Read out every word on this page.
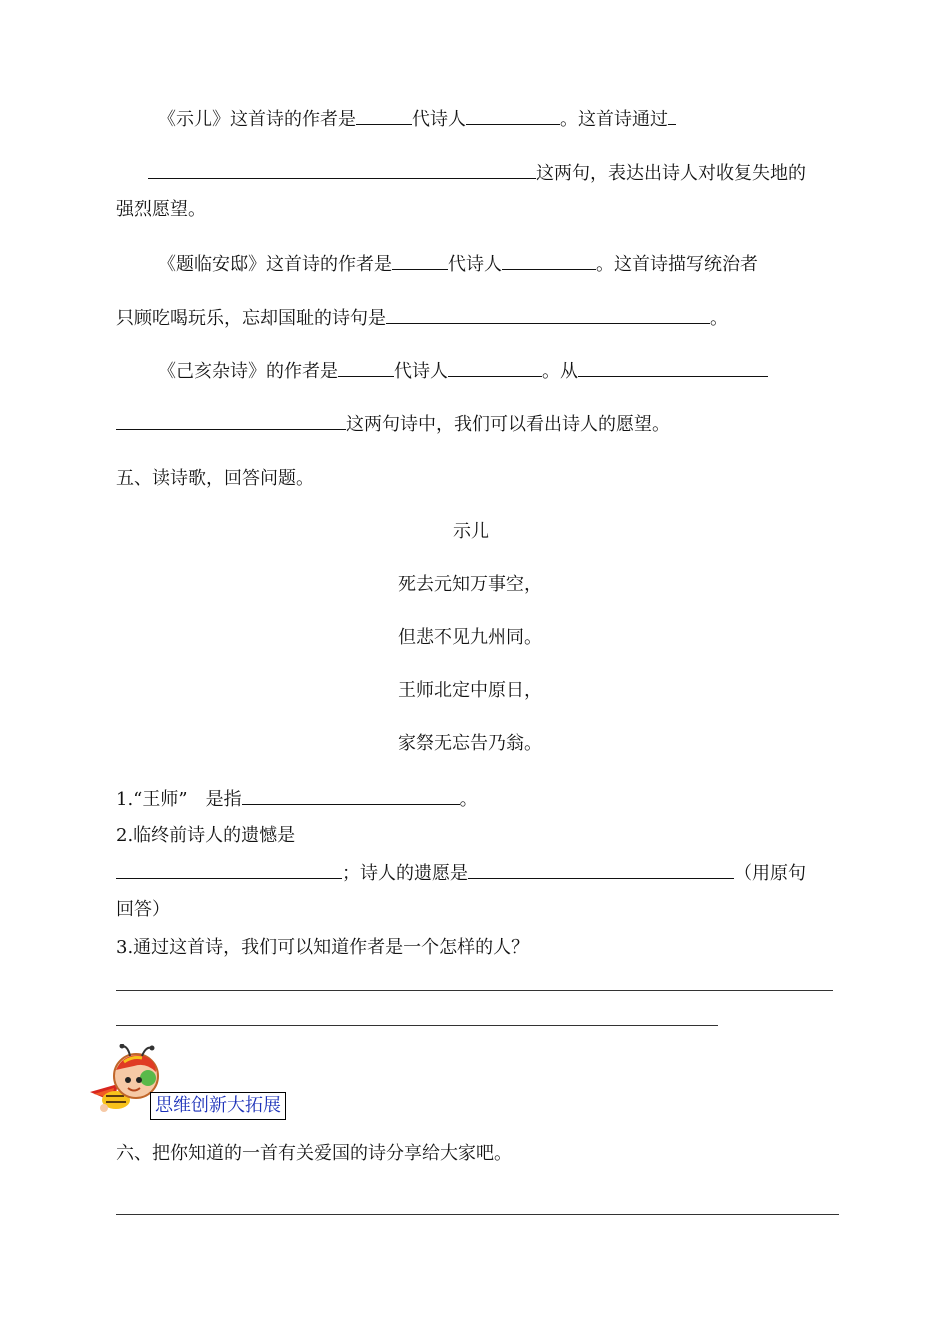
《示儿》这首诗的作者是	代诗人	。这首诗通过
这两句，表达出诗人对收复失地的
强烈愿望。
《题临安邸》这首诗的作者是	代诗人	。这首诗描写统治者
只顾吃喝玩乐，忘却国耻的诗句是	。
《己亥杂诗》的作者是	代诗人	。从
这两句诗中，我们可以看出诗人的愿望。
五、读诗歌，回答问题。
示儿
死去元知万事空，
但悲不见九州同。
王师北定中原日，
家祭无忘告乃翁。
1.“王师”　是指	。
2.临终前诗人的遗憾是
；诗人的遗愿是	（用原句
回答）
3.通过这首诗，我们可以知道作者是一个怎样的人？
思维创新大拓展
六、把你知道的一首有关爱国的诗分享给大家吧。
